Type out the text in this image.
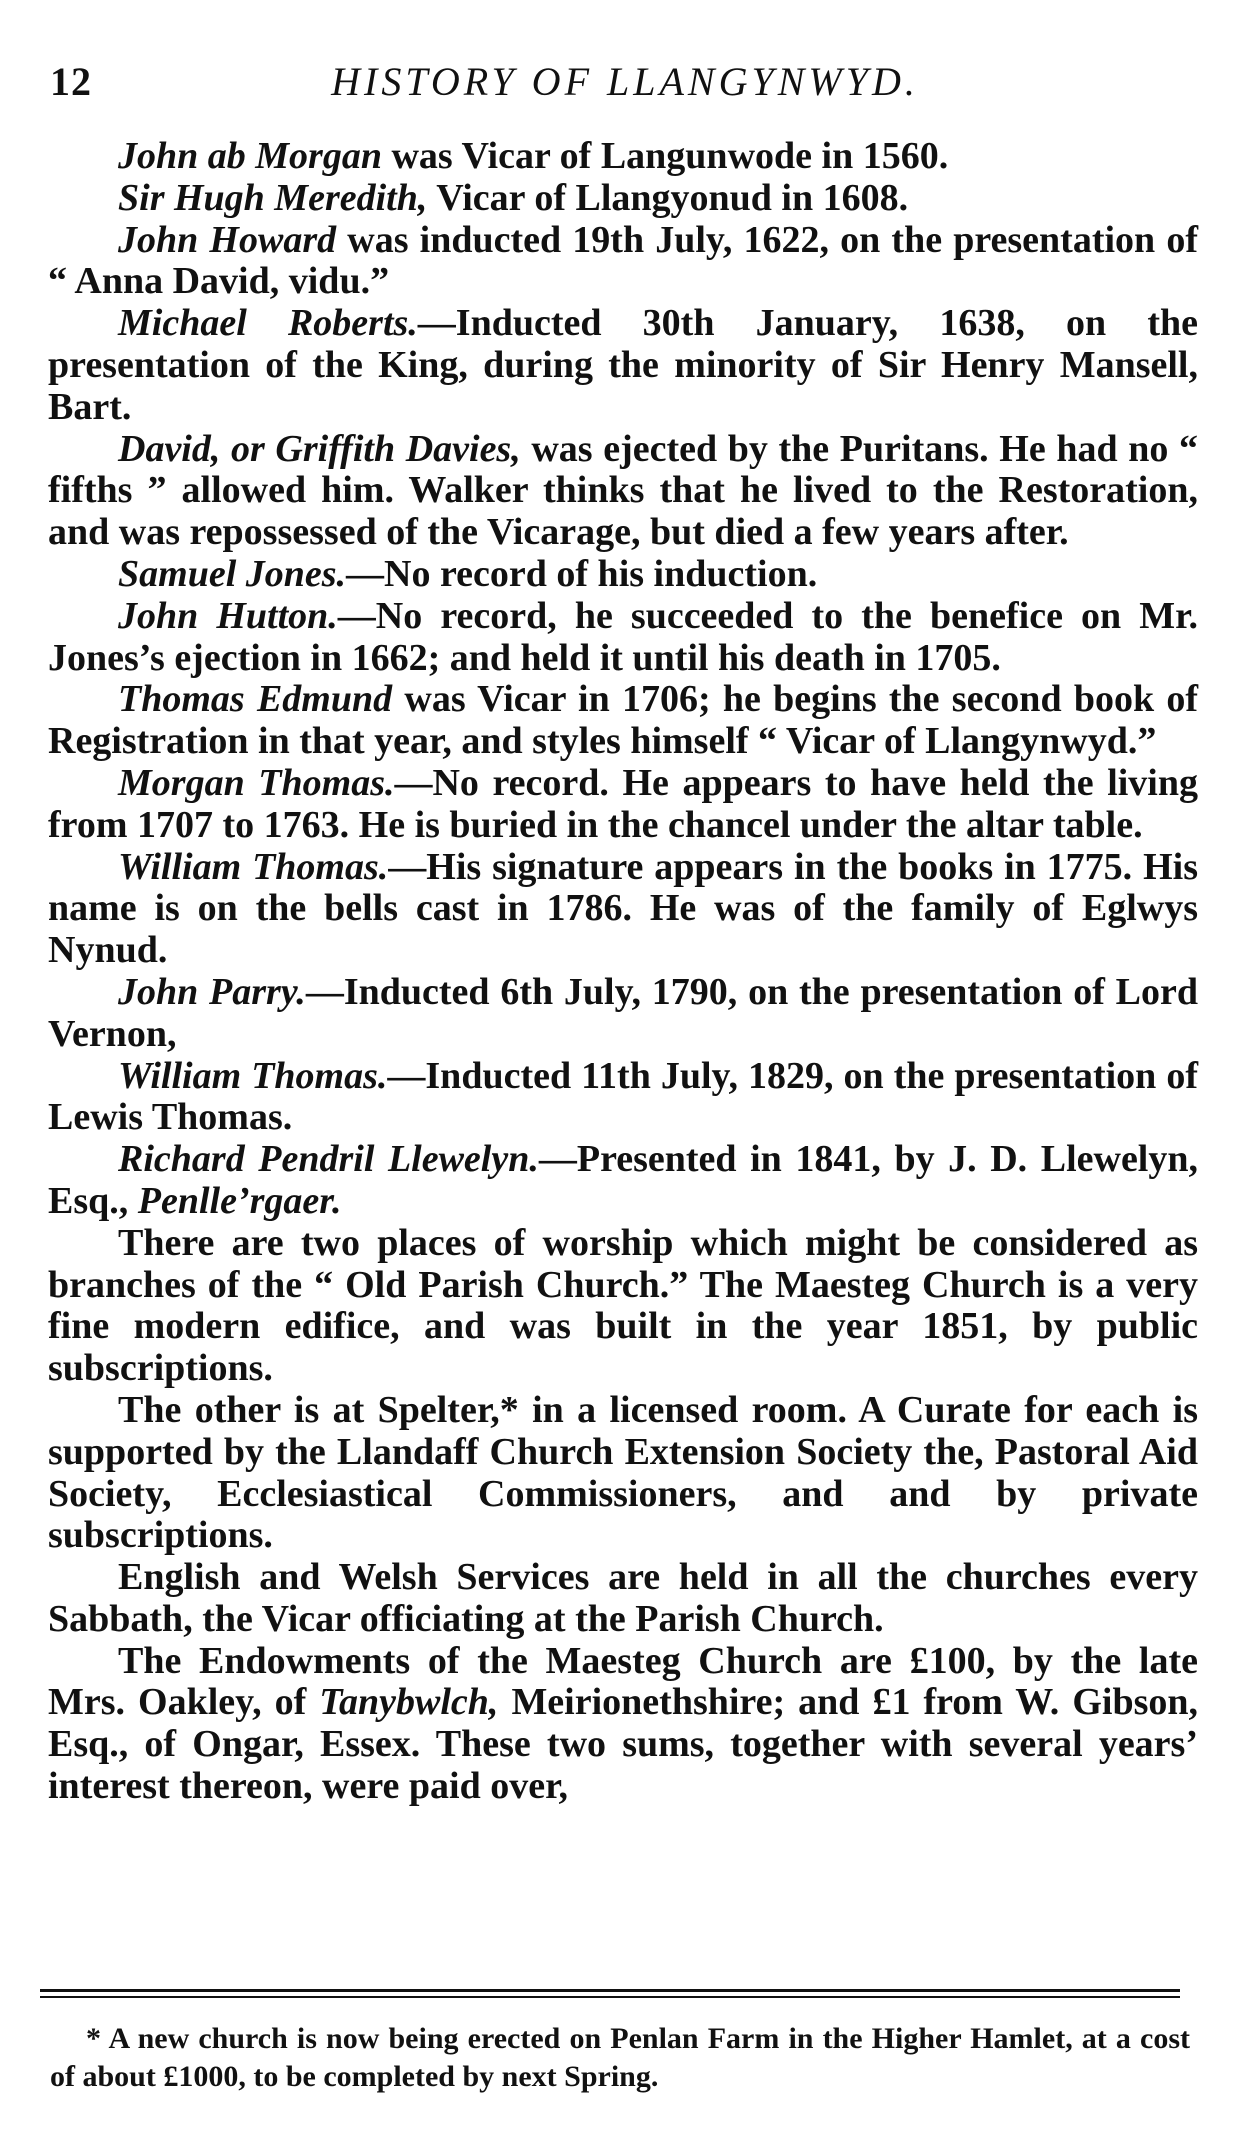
12	HISTORY OF LLANGYNWYD.

John ab Morgan was Vicar of Langunwode in 1560.

Sir Hugh Meredith, Vicar of Llangyonud in 1608.

John Howard was inducted 19th July, 1622, on the presentation of “ Anna David, vidu.”

Michael Roberts.—Inducted 30th January, 1638, on the presentation of the King, during the minority of Sir Henry Mansell, Bart.

David, or Griffith Davies, was ejected by the Puritans. He had no “ fifths ” allowed him. Walker thinks that he lived to the Restoration, and was repossessed of the Vicarage, but died a few years after.

Samuel Jones.—No record of his induction.

John Hutton.—No record, he succeeded to the benefice on Mr. Jones’s ejection in 1662; and held it until his death in 1705.

Thomas Edmund was Vicar in 1706; he begins the second book of Registration in that year, and styles himself “ Vicar of Llangynwyd.”

Morgan Thomas.—No record. He appears to have held the living from 1707 to 1763. He is buried in the chancel under the altar table.

William Thomas.—His signature appears in the books in 1775. His name is on the bells cast in 1786. He was of the family of Eglwys Nynud.

John Parry.—Inducted 6th July, 1790, on the presentation of Lord Vernon,

William Thomas.—Inducted 11th July, 1829, on the presentation of Lewis Thomas.

Richard Pendril Llewelyn.—Presented in 1841, by J. D. Llewelyn, Esq., Penlle’rgaer.

There are two places of worship which might be considered as branches of the “ Old Parish Church.” The Maesteg Church is a very fine modern edifice, and was built in the year 1851, by public subscriptions.

The other is at Spelter,* in a licensed room. A Curate for each is supported by the Llandaff Church Extension Society the, Pastoral Aid Society, Ecclesiastical Commissioners, and and by private subscriptions.

English and Welsh Services are held in all the churches every Sabbath, the Vicar officiating at the Parish Church.

The Endowments of the Maesteg Church are £100, by the late Mrs. Oakley, of Tanybwlch, Meirionethshire; and £1 from W. Gibson, Esq., of Ongar, Essex. These two sums, together with several years’ interest thereon, were paid over,

* A new church is now being erected on Penlan Farm in the Higher Hamlet, at a cost of about £1000, to be completed by next Spring.
